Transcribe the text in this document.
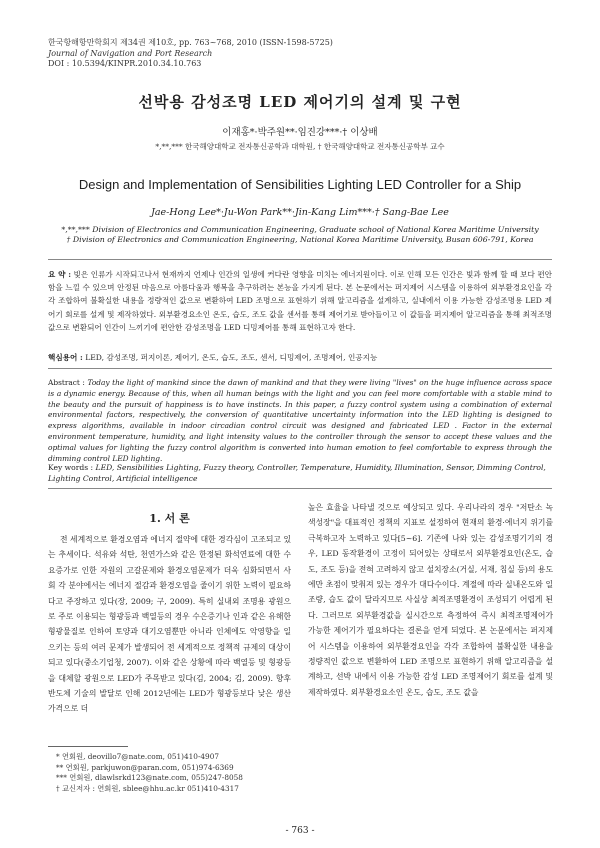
한국항해항만학회지 제34권 제10호, pp. 763~768, 2010 (ISSN-1598-5725)
Journal of Navigation and Port Research
DOI : 10.5394/KINPR.2010.34.10.763
선박용 감성조명 LED 제어기의 설계 및 구현
이재홍*·박주원**·임진강***·† 이상배
*,**,*** 한국해양대학교 전자통신공학과 대학원, † 한국해양대학교 전자통신공학부 교수
Design and Implementation of Sensibilities Lighting LED Controller for a Ship
Jae-Hong Lee*·Ju-Won Park**·Jin-Kang Lim***·† Sang-Bae Lee
*,**,*** Division of Electronics and Communication Engineering, Graduate school of National Korea Maritime University
† Division of Electronics and Communication Engineering, National Korea Maritime University, Busan 606-791, Korea
요 약 : 빛은 인류가 시작되고나서 현재까지 언제나 인간의 일생에 커다란 영향을 미치는 에너지원이다. 이로 인해 모든 인간은 빛과 함께 할 때 보다 편안함을 느낄 수 있으며 안정된 마음으로 아름다움과 행복을 추구하려는 본능을 가지게 된다. 본 논문에서는 퍼지제어 시스템을 이용하여 외부환경요인을 각각 조합하여 불확실한 내용을 정량적인 값으로 변환하여 LED 조명으로 표현하기 위해 알고리즘을 설계하고, 실내에서 이용 가능한 감성조명용 LED 제어기 회로를 설계 및 제작하였다. 외부환경요소인 온도, 습도, 조도 값을 센서를 통해 제어기로 받아들이고 이 값들을 퍼지제어 알고리즘을 통해 최적조명값으로 변환되어 인간이 느끼기에 편안한 감성조명을 LED 디밍제어를 통해 표현하고자 한다.
핵심용어 : LED, 감성조명, 퍼지이론, 제어기, 온도, 습도, 조도, 센서, 디밍제어, 조명제어, 인공지능
Abstract : Today the light of mankind since the dawn of mankind and that they were living "lives" on the huge influence across space is a dynamic energy. Because of this, when all human beings with the light and you can feel more comfortable with a stable mind to the beauty and the pursuit of happiness is to have instincts. In this paper, a fuzzy control system using a combination of external environmental factors, respectively, the conversion of quantitative uncertainty information into the LED lighting is designed to express algorithms, available in indoor circadian control circuit was designed and fabricated LED . Factor in the external environment temperature, humidity, and light intensity values to the controller through the sensor to accept these values and the optimal values for lighting the fuzzy control algorithm is converted into human emotion to feel comfortable to express through the dimming control LED lighting.
Key words : LED, Sensibilities Lighting, Fuzzy theory, Controller, Temperature, Humidity, Illumination, Sensor, Dimming Control, Lighting Control, Artificial intelligence
1. 서 론
전 세계적으로 환경오염과 에너지 절약에 대한 경각심이 고조되고 있는 추세이다. 석유와 석탄, 천연가스와 같은 한정된 화석연료에 대한 수요증가로 인한 자원의 고갈문제와 환경오염문제가 더욱 심화되면서 사회 각 분야에서는 에너지 절감과 환경오염을 줄이기 위한 노력이 필요하다고 주장하고 있다(장, 2009; 구, 2009). 특히 실내외 조명용 광원으로 주로 이용되는 형광등과 백열등의 경우 수은증기나 인과 같은 유해한 형광물질로 인하여 토양과 대기오염뿐만 아니라 인체에도 악영향을 일으키는 등의 여러 문제가 발생되어 전 세계적으로 정책적 규제의 대상이 되고 있다(중소기업청, 2007). 이와 같은 상황에 따라 백열등 및 형광등을 대체할 광원으로 LED가 주목받고 있다(김, 2004; 김, 2009). 향후 반도체 기술의 발달로 인해 2012년에는 LED가 형광등보다 낮은 생산가격으로 더

높은 효율을 나타낼 것으로 예상되고 있다. 우리나라의 경우 "저탄소 녹색성장"을 대표적인 정책의 지표로 설정하여 현재의 환경·에너지 위기를 극복하고자 노력하고 있다[5~6]. 기존에 나와 있는 감성조명기기의 경우, LED 동작환경이 고정이 되어있는 상태로서 외부환경요인(온도, 습도, 조도 등)을 전혀 고려하지 않고 설치장소(거실, 서재, 침실 등)의 용도에만 초점이 맞춰져 있는 경우가 대다수이다. 계절에 따라 실내온도와 일조량, 습도 값이 달라지므로 사실상 최적조명환경이 조성되기 어렵게 된다. 그러므로 외부환경값을 실시간으로 측정하여 즉시 최적조명제어가 가능한 제어기가 필요하다는 결론을 얻게 되었다. 본 논문에서는 퍼지제어 시스템을 이용하여 외부환경요인을 각각 조합하여 불확실한 내용을 정량적인 값으로 변환하여 LED 조명으로 표현하기 위해 알고리즘을 설계하고, 선박 내에서 이용 가능한 감성 LED 조명제어기 회로를 설계 및 제작하였다. 외부환경요소인 온도, 습도, 조도 값을

* 연회원, deovillo7@nate.com, 051)410-4907
** 연회원, parkjuwon@paran.com, 051)974-6369
*** 연회원, dlawlsrkd123@nate.com, 055)247-8058
† 교신저자 : 연회원, sblee@hhu.ac.kr 051)410-4317
- 763 -
